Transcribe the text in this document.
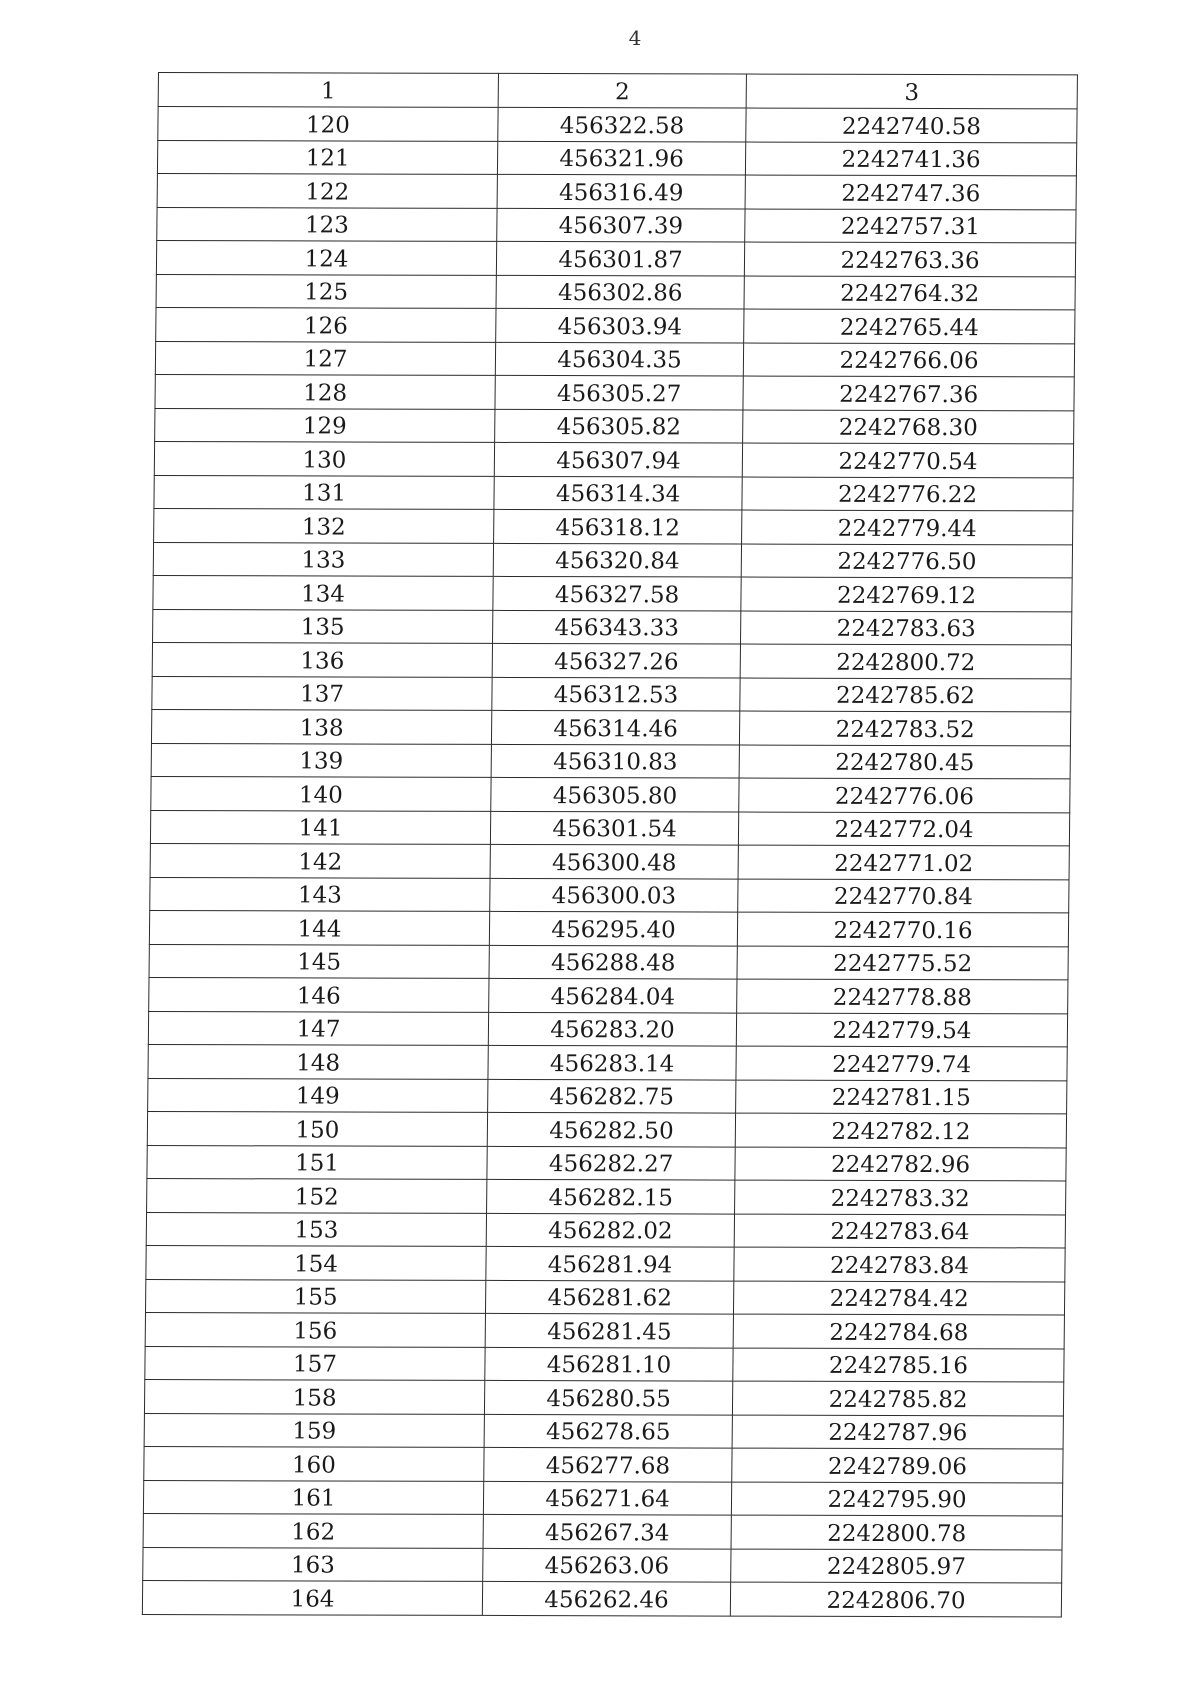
4
1	2	3
120	456322.58	2242740.58
121	456321.96	2242741.36
122	456316.49	2242747.36
123	456307.39	2242757.31
124	456301.87	2242763.36
125	456302.86	2242764.32
126	456303.94	2242765.44
127	456304.35	2242766.06
128	456305.27	2242767.36
129	456305.82	2242768.30
130	456307.94	2242770.54
131	456314.34	2242776.22
132	456318.12	2242779.44
133	456320.84	2242776.50
134	456327.58	2242769.12
135	456343.33	2242783.63
136	456327.26	2242800.72
137	456312.53	2242785.62
138	456314.46	2242783.52
139	456310.83	2242780.45
140	456305.80	2242776.06
141	456301.54	2242772.04
142	456300.48	2242771.02
143	456300.03	2242770.84
144	456295.40	2242770.16
145	456288.48	2242775.52
146	456284.04	2242778.88
147	456283.20	2242779.54
148	456283.14	2242779.74
149	456282.75	2242781.15
150	456282.50	2242782.12
151	456282.27	2242782.96
152	456282.15	2242783.32
153	456282.02	2242783.64
154	456281.94	2242783.84
155	456281.62	2242784.42
156	456281.45	2242784.68
157	456281.10	2242785.16
158	456280.55	2242785.82
159	456278.65	2242787.96
160	456277.68	2242789.06
161	456271.64	2242795.90
162	456267.34	2242800.78
163	456263.06	2242805.97
164	456262.46	2242806.70
